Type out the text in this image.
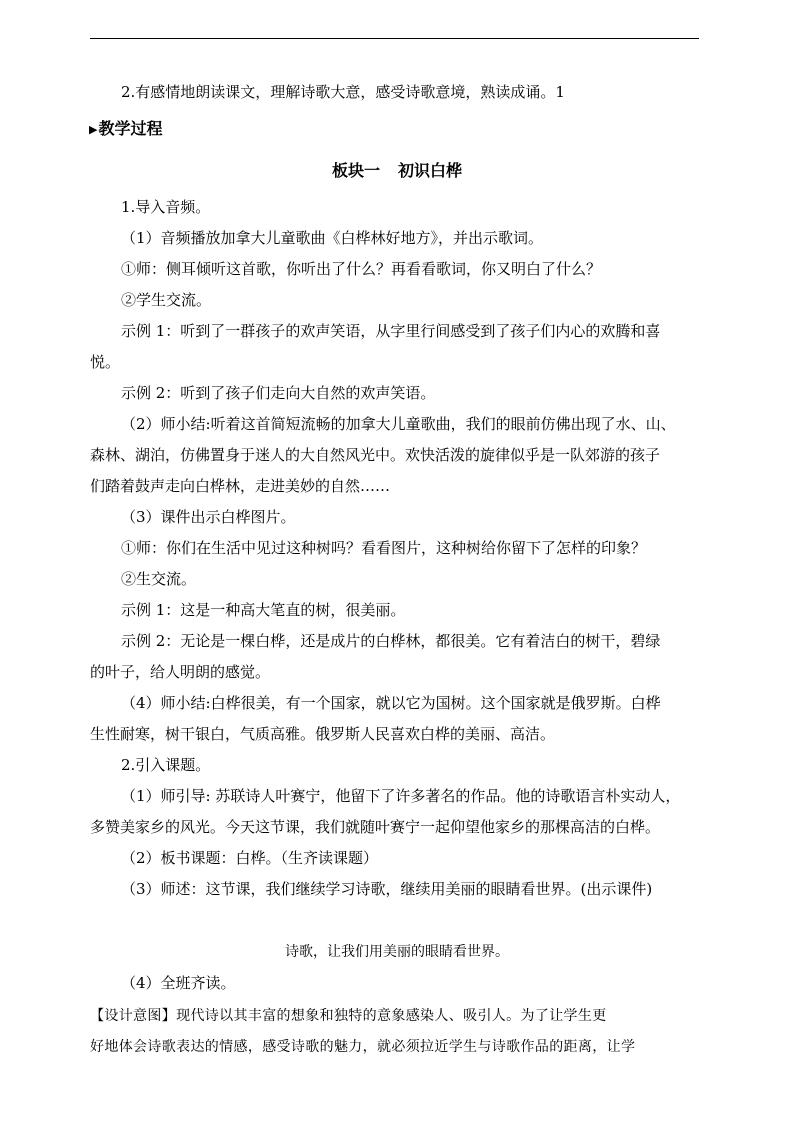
2.有感情地朗读课文，理解诗歌大意，感受诗歌意境，熟读成诵。1
▶教学过程
板块一 初识白桦
1.导入音频。
（1）音频播放加拿大儿童歌曲《白桦林好地方》，并出示歌词。
①师：侧耳倾听这首歌，你听出了什么？再看看歌词，你又明白了什么？
②学生交流。
示例 1：听到了一群孩子的欢声笑语，从字里行间感受到了孩子们内心的欢腾和喜
悦。
示例 2：听到了孩子们走向大自然的欢声笑语。
（2）师小结:听着这首简短流畅的加拿大儿童歌曲，我们的眼前仿佛出现了水、山、
森林、湖泊，仿佛置身于迷人的大自然风光中。欢快活泼的旋律似乎是一队郊游的孩子
们踏着鼓声走向白桦林，走进美妙的自然……
（3）课件出示白桦图片。
①师：你们在生活中见过这种树吗？看看图片，这种树给你留下了怎样的印象？
②生交流。
示例 1：这是一种高大笔直的树，很美丽。
示例 2：无论是一棵白桦，还是成片的白桦林，都很美。它有着洁白的树干，碧绿
的叶子，给人明朗的感觉。
（4）师小结:白桦很美，有一个国家，就以它为国树。这个国家就是俄罗斯。白桦
生性耐寒，树干银白，气质高雅。俄罗斯人民喜欢白桦的美丽、高洁。
2.引入课题。
（1）师引导: 苏联诗人叶赛宁，他留下了许多著名的作品。他的诗歌语言朴实动人，
多赞美家乡的风光。今天这节课，我们就随叶赛宁一起仰望他家乡的那棵高洁的白桦。
（2）板书课题：白桦。（生齐读课题）
（3）师述：这节课，我们继续学习诗歌，继续用美丽的眼睛看世界。(出示课件)
诗歌，让我们用美丽的眼睛看世界。
（4）全班齐读。
【设计意图】现代诗以其丰富的想象和独特的意象感染人、吸引人。为了让学生更
好地体会诗歌表达的情感，感受诗歌的魅力，就必须拉近学生与诗歌作品的距离，让学
